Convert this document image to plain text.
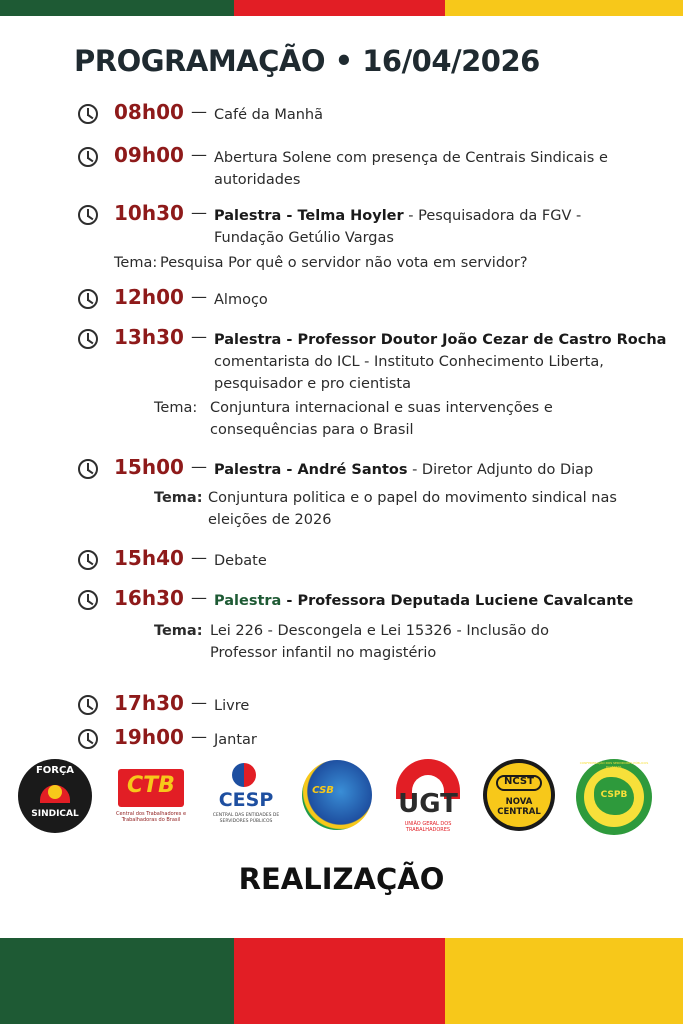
PROGRAMAÇÃO • 16/04/2026
08h00 — Café da Manhã
09h00 — Abertura Solene com presença de Centrais Sindicais e autoridades
10h30 — Palestra - Telma Hoyler - Pesquisadora da FGV - Fundação Getúlio Vargas
Tema: Pesquisa Por quê o servidor não vota em servidor?
12h00 — Almoço
13h30 — Palestra - Professor Doutor João Cezar de Castro Rocha
comentarista do ICL - Instituto Conhecimento Liberta, pesquisador e pro cientista
Tema: Conjuntura internacional e suas intervenções e consequências para o Brasil
15h00 — Palestra - André Santos - Diretor Adjunto do Diap
Tema: Conjuntura politica e o papel do movimento sindical nas eleições de 2026
15h40 — Debate
16h30 — Palestra - Professora Deputada Luciene Cavalcante
Tema: Lei 226 - Descongela e Lei 15326 - Inclusão do Professor infantil no magistério
17h30 — Livre
19h00 — Jantar
FORÇA
SINDICAL
CTB
Central dos Trabalhadores e Trabalhadoras do Brasil
CESP
CENTRAL DAS ENTIDADES DE SERVIDORES PÚBLICOS
CSB	UGT
UNIÃO GERAL DOS TRABALHADORES
NCST
NOVA
CENTRAL
CSPB
CONFEDERAÇÃO DOS SERVIDORES PÚBLICOS DO BRASIL
REALIZAÇÃO
